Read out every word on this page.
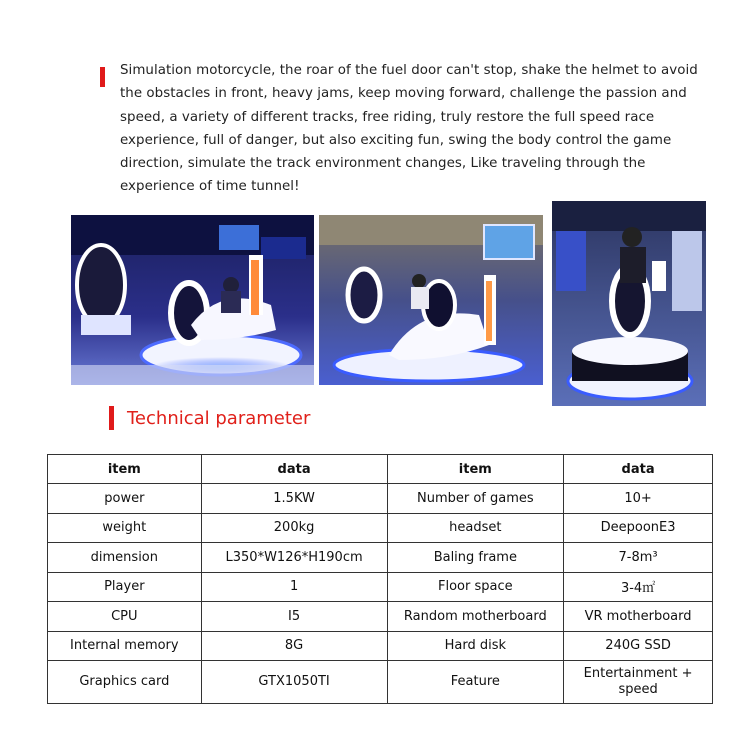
Simulation motorcycle, the roar of the fuel door can't stop, shake the helmet to avoid the obstacles in front, heavy jams, keep moving forward, challenge the passion and speed, a variety of different tracks, free riding, truly restore the full speed race experience, full of danger, but also exciting fun, swing the body control the game direction, simulate the track environment changes, Like traveling through the experience of time tunnel!
Technical parameter
item	data	item	data
power	1.5KW	Number of games	10+
weight	200kg	headset	DeepoonE3
dimension	L350*W126*H190cm	Baling frame	7-8m³
Player	1	Floor space	3-4㎡
CPU	I5	Random motherboard	VR motherboard
Internal memory	8G	Hard disk	240G SSD
Graphics card	GTX1050TI	Feature	Entertainment + speed
